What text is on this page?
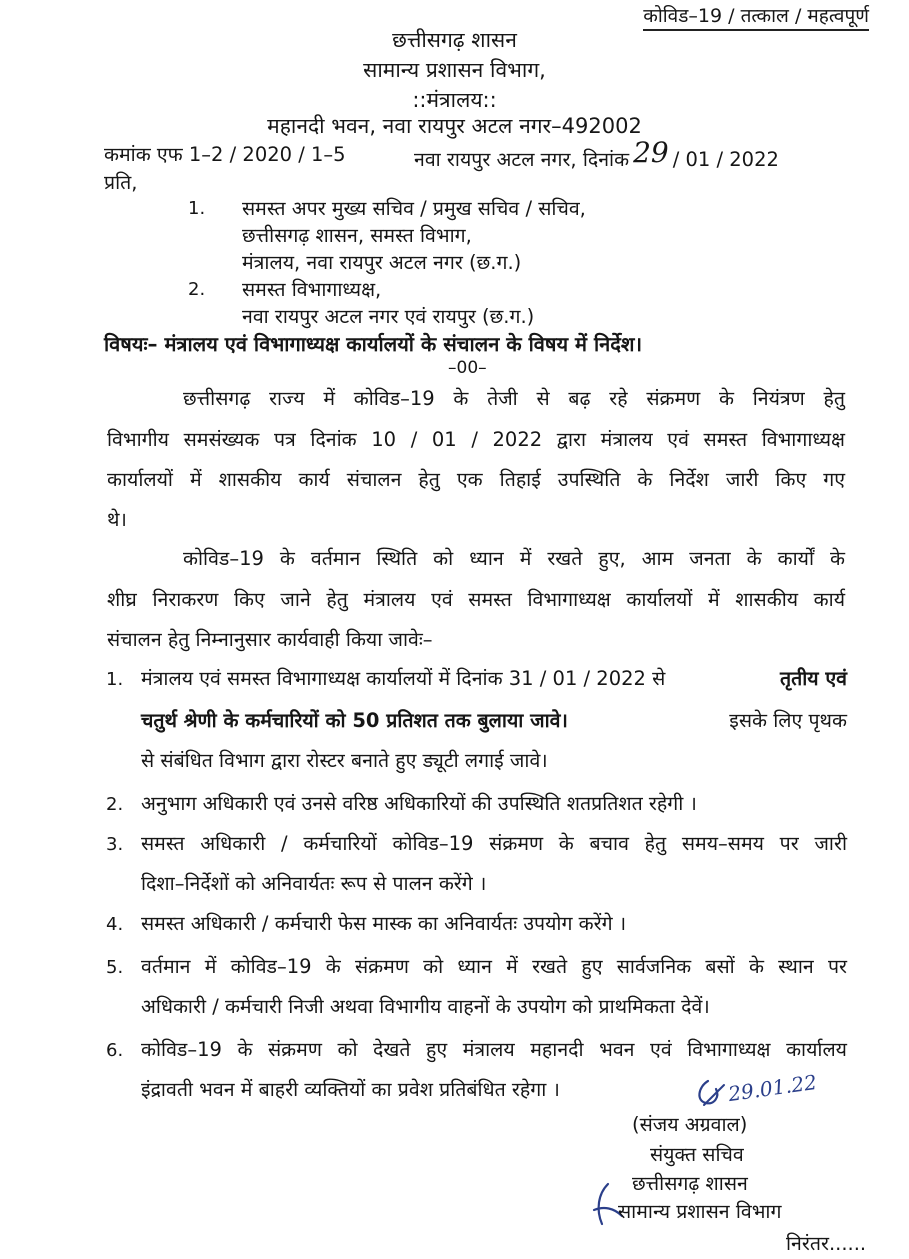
कोविड–19 / तत्काल / महत्वपूर्ण
छत्तीसगढ़ शासन
सामान्य प्रशासन विभाग,
::मंत्रालय::
महानदी भवन, नवा रायपुर अटल नगर–492002
कमांक एफ 1–2 / 2020 / 1–5	नवा रायपुर अटल नगर, दिनांक 29 / 01 / 2022
प्रति,
1. समस्त अपर मुख्य सचिव / प्रमुख सचिव / सचिव,
छत्तीसगढ़ शासन, समस्त विभाग,
मंत्रालय, नवा रायपुर अटल नगर (छ.ग.)
2. समस्त विभागाध्यक्ष,
नवा रायपुर अटल नगर एवं रायपुर (छ.ग.)
विषयः– मंत्रालय एवं विभागाध्यक्ष कार्यालयों के संचालन के विषय में निर्देश।
–00–
छत्तीसगढ़ राज्य में कोविड–19 के तेजी से बढ़ रहे संक्रमण के नियंत्रण हेतु
विभागीय समसंख्यक पत्र दिनांक 10 / 01 / 2022 द्वारा मंत्रालय एवं समस्त विभागाध्यक्ष
कार्यालयों में शासकीय कार्य संचालन हेतु एक तिहाई उपस्थिति के निर्देश जारी किए गए
थे।
कोविड–19 के वर्तमान स्थिति को ध्यान में रखते हुए, आम जनता के कार्यों के
शीघ्र निराकरण किए जाने हेतु मंत्रालय एवं समस्त विभागाध्यक्ष कार्यालयों में शासकीय कार्य
संचालन हेतु निम्नानुसार कार्यवाही किया जावेः–
1. मंत्रालय एवं समस्त विभागाध्यक्ष कार्यालयों में दिनांक 31 / 01 / 2022 से	तृतीय एवं
चतुर्थ श्रेणी के कर्मचारियों को 50 प्रतिशत तक बुलाया जावे।	इसके लिए पृथक
से संबंधित विभाग द्वारा रोस्टर बनाते हुए ड्यूटी लगाई जावे।
2. अनुभाग अधिकारी एवं उनसे वरिष्ठ अधिकारियों की उपस्थिति शतप्रतिशत रहेगी ।
3. समस्त अधिकारी / कर्मचारियों कोविड–19 संक्रमण के बचाव हेतु समय–समय पर जारी
दिशा–निर्देशों को अनिवार्यतः रूप से पालन करेंगे ।
4. समस्त अधिकारी / कर्मचारी फेस मास्क का अनिवार्यतः उपयोग करेंगे ।
5. वर्तमान में कोविड–19 के संक्रमण को ध्यान में रखते हुए सार्वजनिक बसों के स्थान पर
अधिकारी / कर्मचारी निजी अथवा विभागीय वाहनों के उपयोग को प्राथमिकता देवें।
6. कोविड–19 के संक्रमण को देखते हुए मंत्रालय महानदी भवन एवं विभागाध्यक्ष कार्यालय
इंद्रावती भवन में बाहरी व्यक्तियों का प्रवेश प्रतिबंधित रहेगा ।	29.01.22
(संजय अग्रवाल)
संयुक्त सचिव
छत्तीसगढ़ शासन
सामान्य प्रशासन विभाग
निरंतर......
